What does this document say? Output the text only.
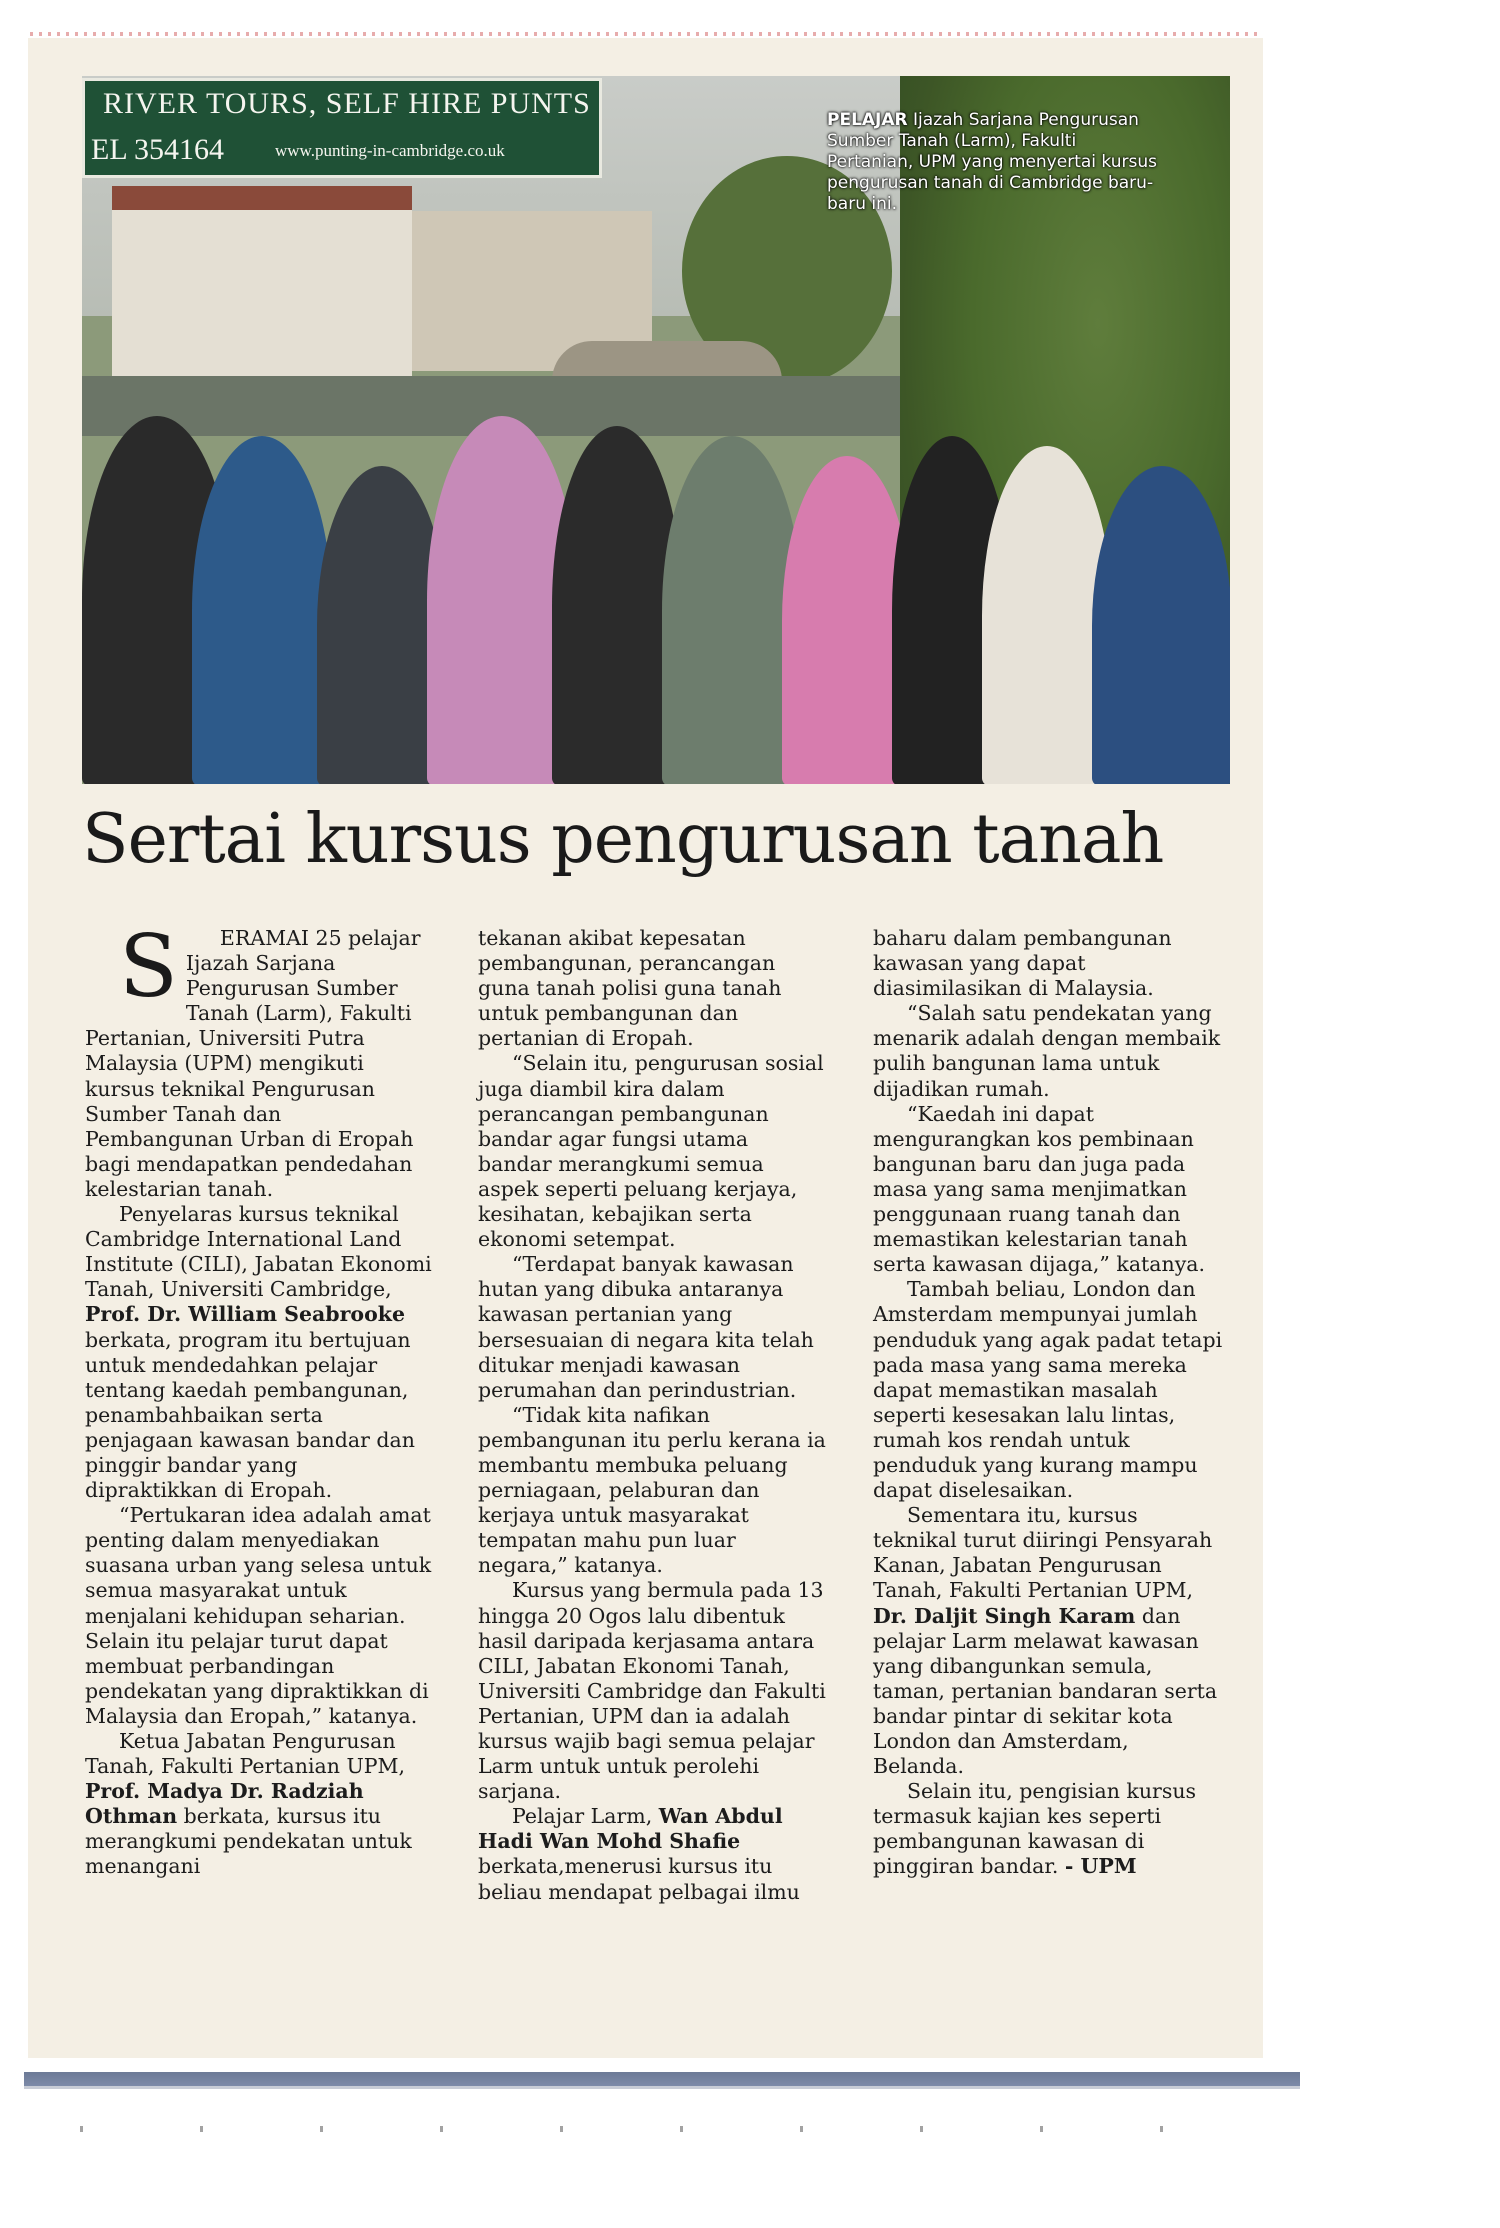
RIVER TOURS, SELF HIRE PUNTS
EL 354164	www.punting-in-cambridge.co.uk
PELAJAR Ijazah Sarjana Pengurusan Sumber Tanah (Larm), Fakulti Pertanian, UPM yang menyertai kursus pengurusan tanah di Cambridge baru-baru ini.
Sertai kursus pengurusan tanah

S ERAMAI 25 pelajar Ijazah Sarjana Pengurusan Sumber Tanah (Larm), Fakulti Pertanian, Universiti Putra Malaysia (UPM) mengikuti kursus teknikal Pengurusan Sumber Tanah dan Pembangunan Urban di Eropah bagi mendapatkan pendedahan kelestarian tanah.

Penyelaras kursus teknikal Cambridge International Land Institute (CILI), Jabatan Ekonomi Tanah, Universiti Cambridge, Prof. Dr. William Seabrooke berkata, program itu bertujuan untuk mendedahkan pelajar tentang kaedah pembangunan, penambahbaikan serta penjagaan kawasan bandar dan pinggir bandar yang dipraktikkan di Eropah.

“Pertukaran idea adalah amat penting dalam menyediakan suasana urban yang selesa untuk semua masyarakat untuk menjalani kehidupan seharian. Selain itu pelajar turut dapat membuat perbandingan pendekatan yang dipraktikkan di Malaysia dan Eropah,” katanya.

Ketua Jabatan Pengurusan Tanah, Fakulti Pertanian UPM, Prof. Madya Dr. Radziah Othman berkata, kursus itu merangkumi pendekatan untuk menangani

tekanan akibat kepesatan pembangunan, perancangan guna tanah polisi guna tanah untuk pembangunan dan pertanian di Eropah.

“Selain itu, pengurusan sosial juga diambil kira dalam perancangan pembangunan bandar agar fungsi utama bandar merangkumi semua aspek seperti peluang kerjaya, kesihatan, kebajikan serta ekonomi setempat.

“Terdapat banyak kawasan hutan yang dibuka antaranya kawasan pertanian yang bersesuaian di negara kita telah ditukar menjadi kawasan perumahan dan perindustrian.

“Tidak kita nafikan pembangunan itu perlu kerana ia membantu membuka peluang perniagaan, pelaburan dan kerjaya untuk masyarakat tempatan mahu pun luar negara,” katanya.

Kursus yang bermula pada 13 hingga 20 Ogos lalu dibentuk hasil daripada kerjasama antara CILI, Jabatan Ekonomi Tanah, Universiti Cambridge dan Fakulti Pertanian, UPM dan ia adalah kursus wajib bagi semua pelajar Larm untuk untuk perolehi sarjana.

Pelajar Larm, Wan Abdul Hadi Wan Mohd Shafie berkata,menerusi kursus itu beliau mendapat pelbagai ilmu

baharu dalam pembangunan kawasan yang dapat diasimilasikan di Malaysia.

“Salah satu pendekatan yang menarik adalah dengan membaik pulih bangunan lama untuk dijadikan rumah.

“Kaedah ini dapat mengurangkan kos pembinaan bangunan baru dan juga pada masa yang sama menjimatkan penggunaan ruang tanah dan memastikan kelestarian tanah serta kawasan dijaga,” katanya.

Tambah beliau, London dan Amsterdam mempunyai jumlah penduduk yang agak padat tetapi pada masa yang sama mereka dapat memastikan masalah seperti kesesakan lalu lintas, rumah kos rendah untuk penduduk yang kurang mampu dapat diselesaikan.

Sementara itu, kursus teknikal turut diiringi Pensyarah Kanan, Jabatan Pengurusan Tanah, Fakulti Pertanian UPM, Dr. Daljit Singh Karam dan pelajar Larm melawat kawasan yang dibangunkan semula, taman, pertanian bandaran serta bandar pintar di sekitar kota London dan Amsterdam, Belanda.

Selain itu, pengisian kursus termasuk kajian kes seperti pembangunan kawasan di pinggiran bandar. - UPM
